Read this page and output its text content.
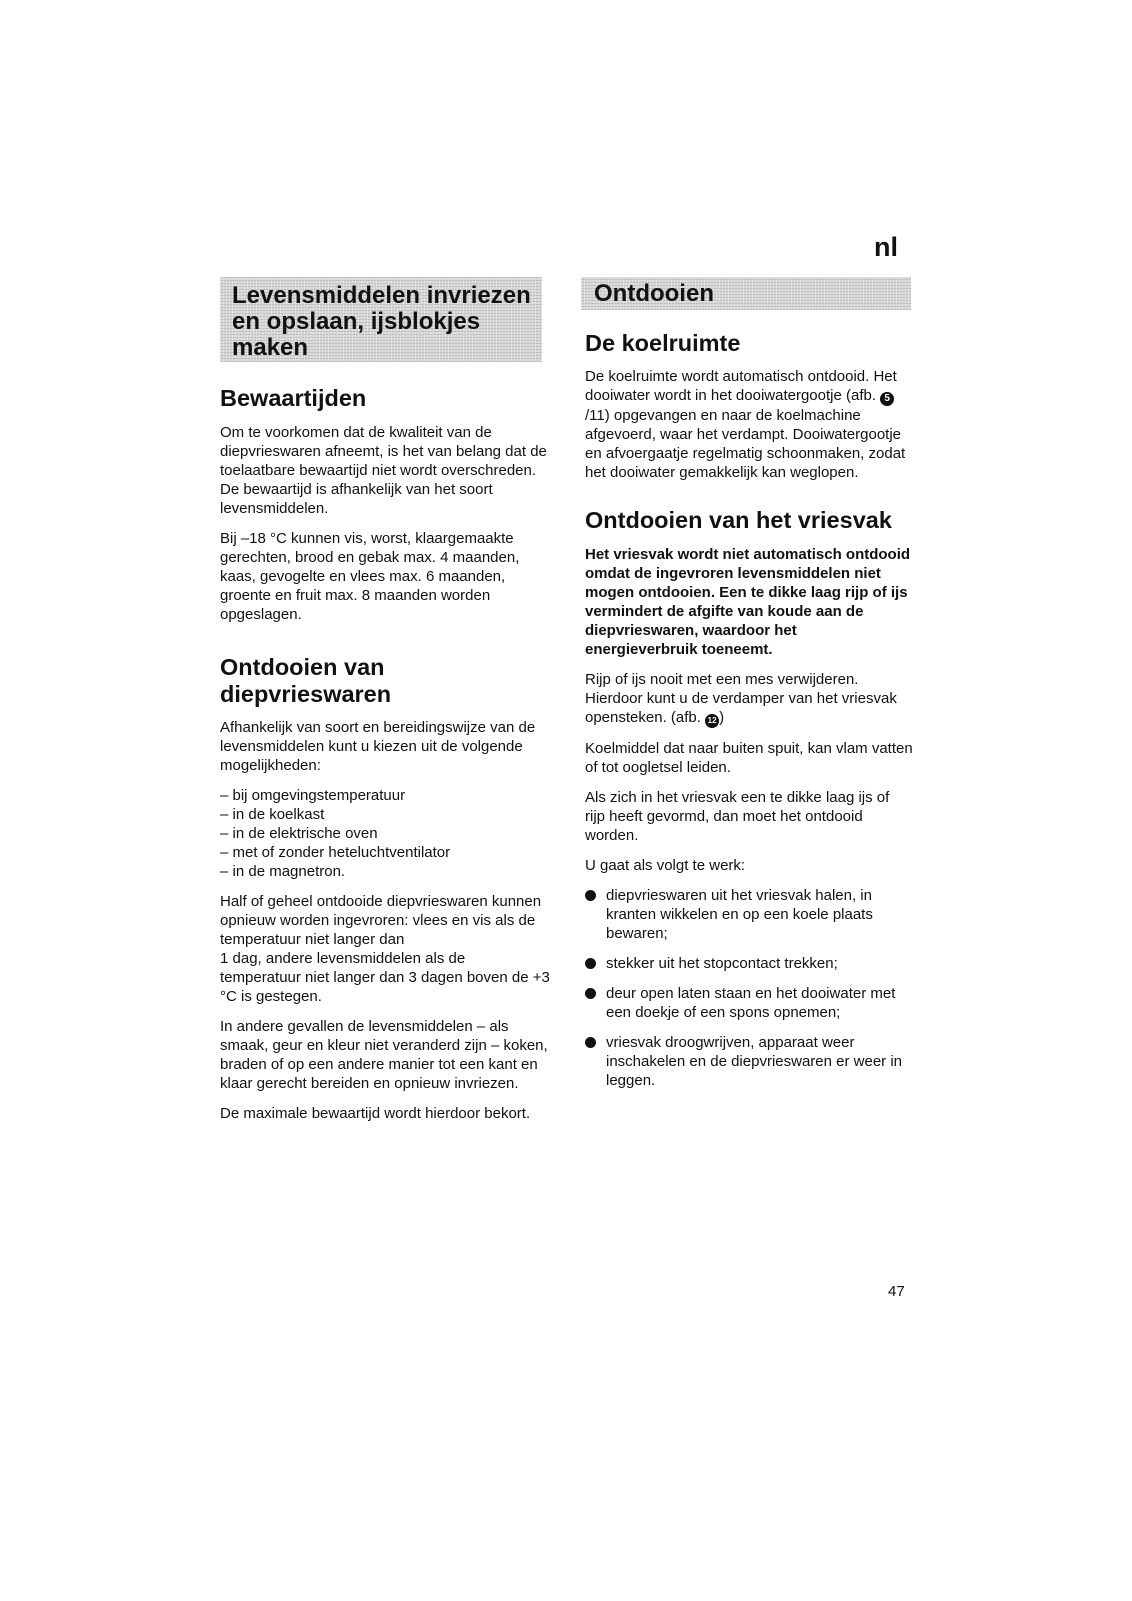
nl
Levensmiddelen invriezen
en opslaan, ijsblokjes
maken
Ontdooien
Bewaartijden

Om te voorkomen dat de kwaliteit van de diepvrieswaren afneemt, is het van belang dat de toelaatbare bewaartijd niet wordt overschreden.
De bewaartijd is afhankelijk van het soort levensmiddelen.

Bij –18 °C kunnen vis, worst, klaargemaakte gerechten, brood en gebak max. 4 maanden, kaas, gevogelte en vlees max. 6 maanden, groente en fruit max. 8 maanden worden opgeslagen.

Ontdooien van
diepvrieswaren

Afhankelijk van soort en bereidingswijze van de levensmiddelen kunt u kiezen uit de volgende mogelijkheden:

– bij omgevingstemperatuur
– in de koelkast
– in de elektrische oven
– met of zonder heteluchtventilator
– in de magnetron.

Half of geheel ontdooide diepvrieswaren kunnen opnieuw worden ingevroren: vlees en vis als de temperatuur niet langer dan
1 dag, andere levensmiddelen als de temperatuur niet langer dan 3 dagen boven de +3 °C is gestegen.

In andere gevallen de levensmiddelen – als smaak, geur en kleur niet veranderd zijn – koken, braden of op een andere manier tot een kant en klaar gerecht bereiden en opnieuw invriezen.

De maximale bewaartijd wordt hierdoor bekort.

De koelruimte

De koelruimte wordt automatisch ontdooid. Het dooiwater wordt in het dooiwatergootje (afb. 5/11) opgevangen en naar de koelmachine afgevoerd, waar het verdampt. Dooiwatergootje en afvoergaatje regelmatig schoonmaken, zodat het dooiwater gemakkelijk kan weglopen.

Ontdooien van het vriesvak

Het vriesvak wordt niet automatisch ontdooid omdat de ingevroren levensmiddelen niet mogen ontdooien. Een te dikke laag rijp of ijs vermindert de afgifte van koude aan de diepvrieswaren, waardoor het energieverbruik toeneemt.

Rijp of ijs nooit met een mes verwijderen. Hierdoor kunt u de verdamper van het vriesvak opensteken. (afb. 12 )

Koelmiddel dat naar buiten spuit, kan vlam vatten of tot oogletsel leiden.

Als zich in het vriesvak een te dikke laag ijs of rijp heeft gevormd, dan moet het ontdooid worden.

U gaat als volgt te werk:

diepvrieswaren uit het vriesvak halen, in kranten wikkelen en op een koele plaats bewaren;
stekker uit het stopcontact trekken;
deur open laten staan en het dooiwater met een doekje of een spons opnemen;
vriesvak droogwrijven, apparaat weer inschakelen en de diepvrieswaren er weer in leggen.
47
